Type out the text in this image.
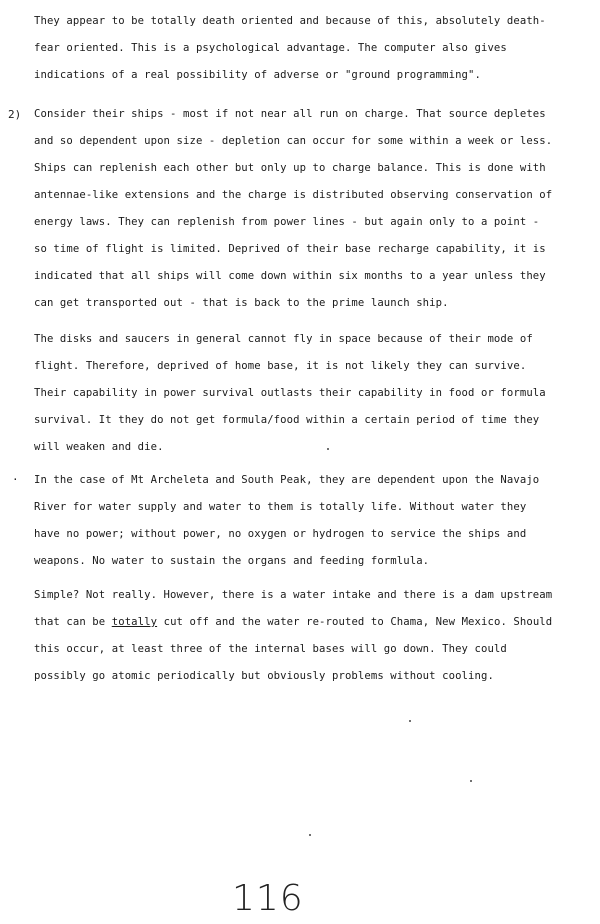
They appear to be totally death oriented and because of this, absolutely death-
fear oriented. This is a psychological advantage. The computer also gives
indications of a real possibility of adverse or "ground programming".

2) Consider their ships - most if not near all run on charge. That source depletes
and so dependent upon size - depletion can occur for some within a week or less.
Ships can replenish each other but only up to charge balance. This is done with
antennae-like extensions and the charge is distributed observing conservation of
energy laws. They can replenish from power lines - but again only to a point -
so time of flight is limited. Deprived of their base recharge capability, it is
indicated that all ships will come down within six months to a year unless they
can get transported out - that is back to the prime launch ship.

The disks and saucers in general cannot fly in space because of their mode of
flight. Therefore, deprived of home base, it is not likely they can survive.
Their capability in power survival outlasts their capability in food or formula
survival. It they do not get formula/food within a certain period of time they
will weaken and die.

· In the case of Mt Archeleta and South Peak, they are dependent upon the Navajo
River for water supply and water to them is totally life. Without water they
have no power; without power, no oxygen or hydrogen to service the ships and
weapons. No water to sustain the organs and feeding formlula.

Simple? Not really. However, there is a water intake and there is a dam upstream
that can be totally cut off and the water re-routed to Chama, New Mexico. Should
this occur, at least three of the internal bases will go down. They could
possibly go atomic periodically but obviously problems without cooling.

116
